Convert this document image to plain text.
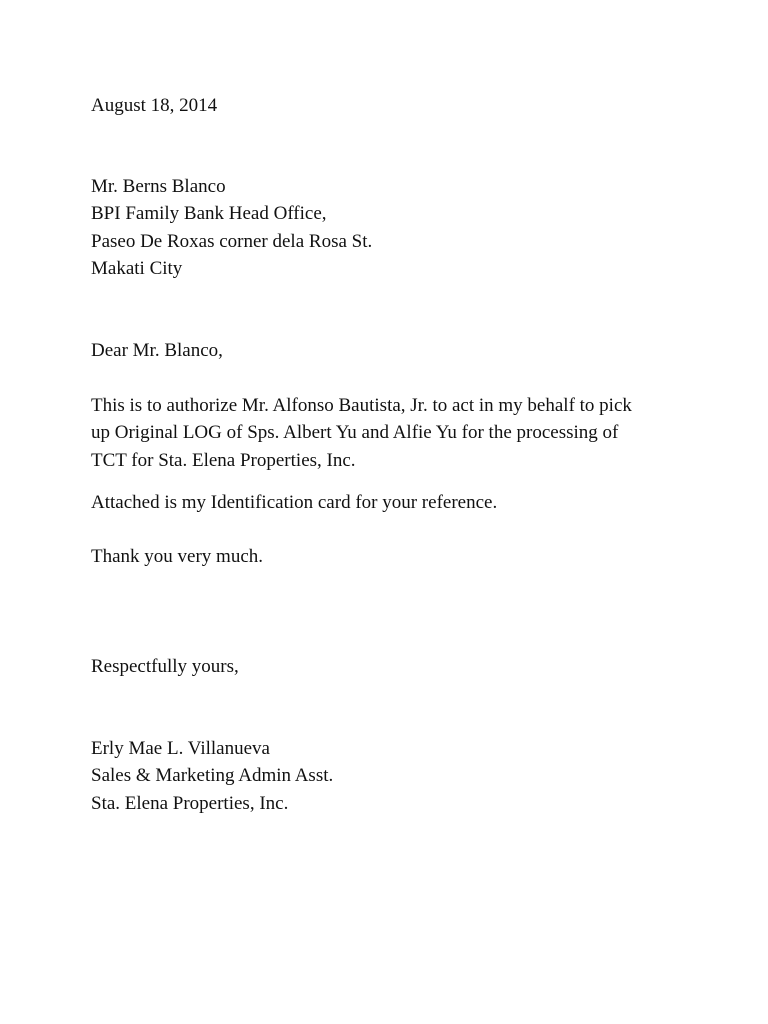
August 18, 2014
Mr. Berns Blanco
BPI Family Bank Head Office,
Paseo De Roxas corner dela Rosa St.
Makati City
Dear Mr. Blanco,
This is to authorize Mr. Alfonso Bautista, Jr. to act in my behalf to pick
up Original LOG of Sps. Albert Yu and Alfie Yu for the processing of
TCT for Sta. Elena Properties, Inc.
Attached is my Identification card for your reference.
Thank you very much.
Respectfully yours,
Erly Mae L. Villanueva
Sales & Marketing Admin Asst.
Sta. Elena Properties, Inc.
